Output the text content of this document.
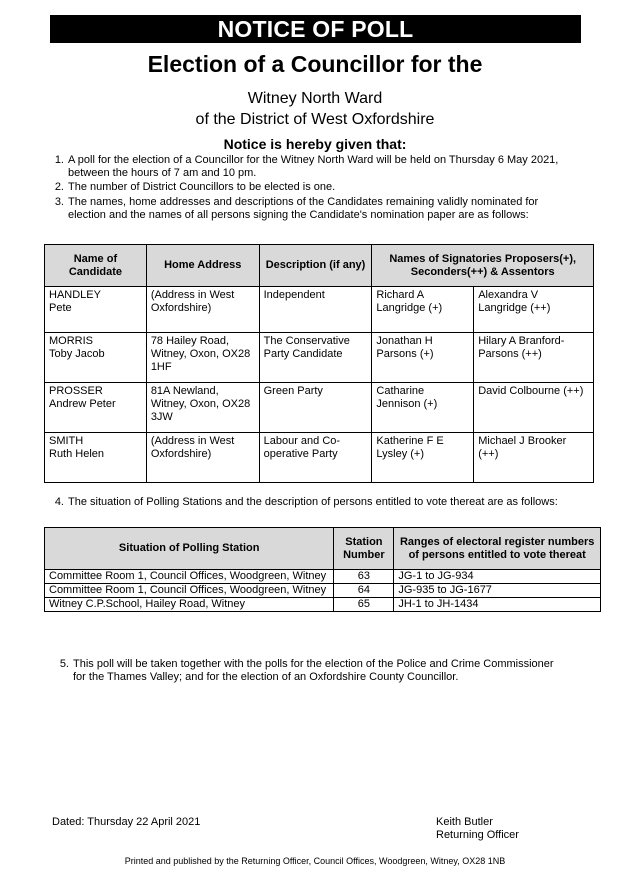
NOTICE OF POLL
Election of a Councillor for the
Witney North Ward
of the District of West Oxfordshire
Notice is hereby given that:
1. A poll for the election of a Councillor for the Witney North Ward will be held on Thursday 6 May 2021, between the hours of 7 am and 10 pm.
2. The number of District Councillors to be elected is one.
3. The names, home addresses and descriptions of the Candidates remaining validly nominated for election and the names of all persons signing the Candidate's nomination paper are as follows:
Name of Candidate	Home Address	Description (if any)	Names of Signatories Proposers(+), Seconders(++) & Assentors	
HANDLEY
Pete	(Address in West Oxfordshire)	Independent	Richard A Langridge (+)	Alexandra V Langridge (++)
MORRIS
Toby Jacob	78 Hailey Road, Witney, Oxon, OX28 1HF	The Conservative Party Candidate	Jonathan H Parsons (+)	Hilary A Branford-Parsons (++)
PROSSER
Andrew Peter	81A Newland, Witney, Oxon, OX28 3JW	Green Party	Catharine Jennison (+)	David Colbourne (++)
SMITH
Ruth Helen	(Address in West Oxfordshire)	Labour and Co-operative Party	Katherine F E Lysley (+)	Michael J Brooker (++)
4. The situation of Polling Stations and the description of persons entitled to vote thereat are as follows:
Situation of Polling Station	Station Number	Ranges of electoral register numbers of persons entitled to vote thereat
Committee Room 1, Council Offices, Woodgreen, Witney	63	JG-1 to JG-934
Committee Room 1, Council Offices, Woodgreen, Witney	64	JG-935 to JG-1677
Witney C.P.School, Hailey Road, Witney	65	JH-1 to JH-1434
5. This poll will be taken together with the polls for the election of the Police and Crime Commissioner for the Thames Valley; and for the election of an Oxfordshire County Councillor.
Dated: Thursday 22 April 2021	Keith Butler
Returning Officer
Printed and published by the Returning Officer, Council Offices, Woodgreen, Witney, OX28 1NB
